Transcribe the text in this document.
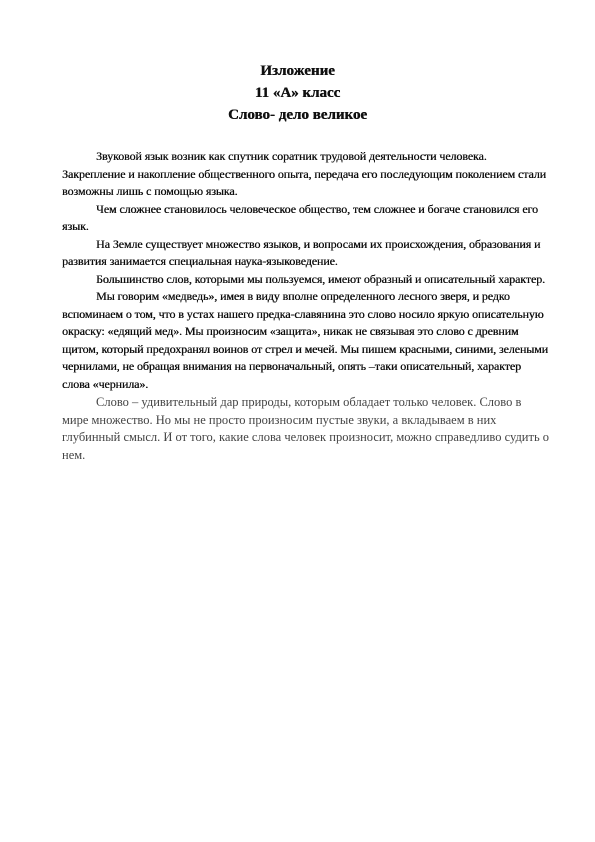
Изложение
11 «А» класс
Слово- дело великое

Звуковой язык возник как спутник соратник трудовой деятельности человека. Закрепление и накопление общественного опыта, передача его последующим поколением стали возможны лишь с помощью языка.

Чем сложнее становилось человеческое общество, тем сложнее и богаче становился его язык.

На Земле существует множество языков, и вопросами их происхождения, образования и развития занимается специальная наука-языковедение.

Большинство слов, которыми мы пользуемся, имеют образный и описательный характер.

Мы говорим «медведь», имея в виду вполне определенного лесного зверя, и редко вспоминаем о том, что в устах нашего предка-славянина это слово носило яркую описательную окраску: «едящий мед». Мы произносим «защита», никак не связывая это слово с древним щитом, который предохранял воинов от стрел и мечей. Мы пишем красными, синими, зелеными чернилами, не обращая внимания на первоначальный, опять –таки описательный, характер слова «чернила».

Слово – удивительный дар природы, которым обладает только человек. Слово в мире множество. Но мы не просто произносим пустые звуки, а вкладываем в них глубинный смысл. И от того, какие слова человек произносит, можно справедливо судить о нем.
